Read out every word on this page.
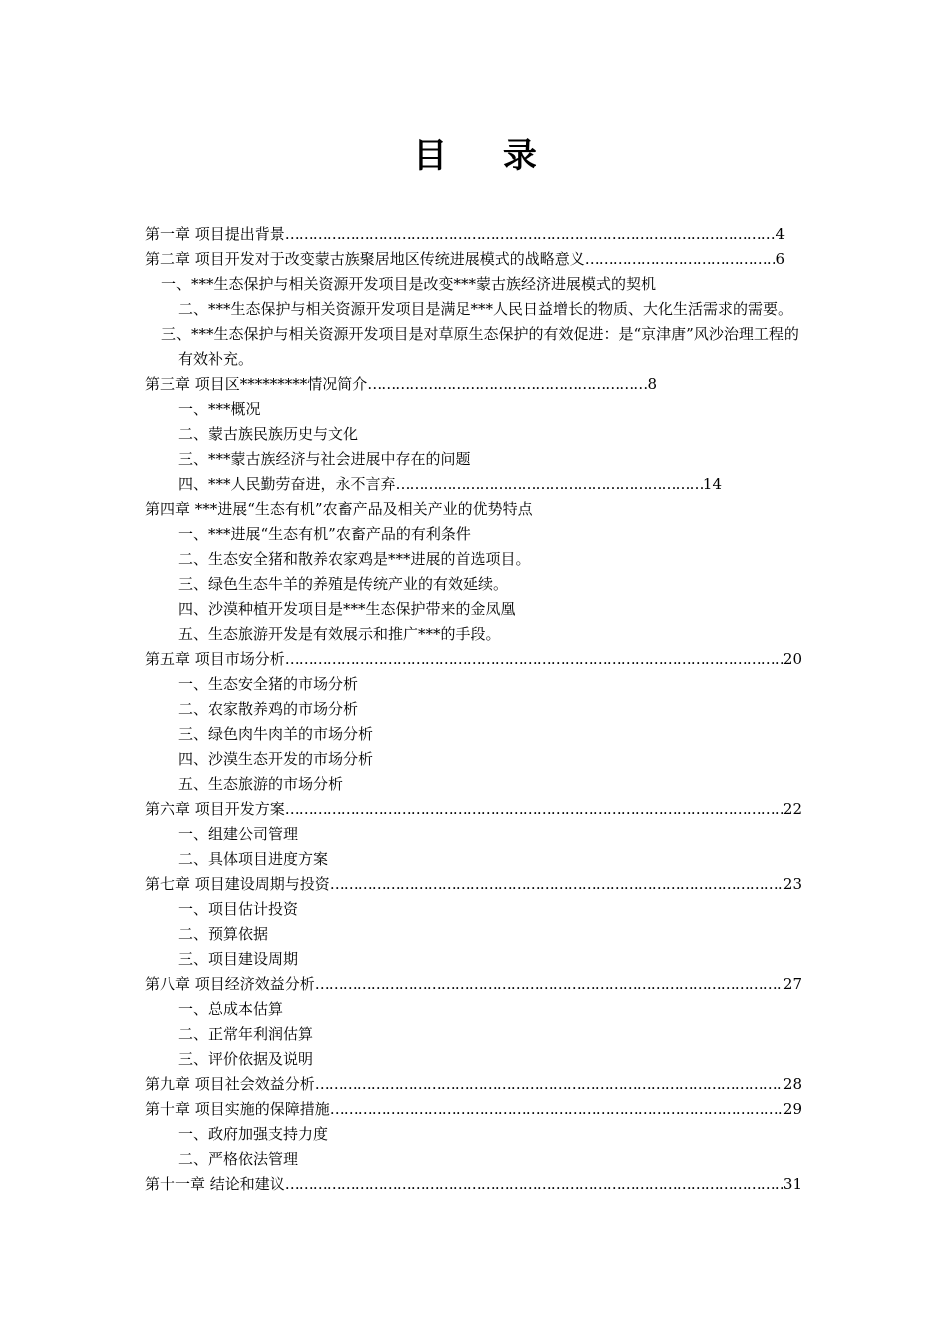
目 录
第一章 项目提出背景 …………………………………………………………………………………………………………………………………………………………………………………………	4
第二章 项目开发对于改变蒙古族聚居地区传统进展模式的战略意义 …………………………………………………………………………………………………………………………………………………………………………………………	6
一、***生态保护与相关资源开发项目是改变***蒙古族经济进展模式的契机
二、***生态保护与相关资源开发项目是满足***人民日益增长的物质、大化生活需求的需要。
三、***生态保护与相关资源开发项目是对草原生态保护的有效促进：是“京津唐”风沙治理工程的有效补充。
第三章 项目区*********情况简介 …………………………………………………………………………………………………………………………………………………………………………………………	8
一、***概况
二、蒙古族民族历史与文化
三、***蒙古族经济与社会进展中存在的问题
四、***人民勤劳奋进，永不言弃 …………………………………………………………………………………………………………………………………………………………………………………………	14
第四章 ***进展“生态有机”农畜产品及相关产业的优势特点
一、***进展“生态有机”农畜产品的有利条件
二、生态安全猪和散养农家鸡是***进展的首选项目。
三、绿色生态牛羊的养殖是传统产业的有效延续。
四、沙漠种植开发项目是***生态保护带来的金凤凰
五、生态旅游开发是有效展示和推广***的手段。
第五章 项目市场分析 …………………………………………………………………………………………………………………………………………………………………………………………	20
一、生态安全猪的市场分析
二、农家散养鸡的市场分析
三、绿色肉牛肉羊的市场分析
四、沙漠生态开发的市场分析
五、生态旅游的市场分析
第六章 项目开发方案 …………………………………………………………………………………………………………………………………………………………………………………………	22
一、组建公司管理
二、具体项目进度方案
第七章 项目建设周期与投资 …………………………………………………………………………………………………………………………………………………………………………………………	23
一、项目估计投资
二、预算依据
三、项目建设周期
第八章 项目经济效益分析 …………………………………………………………………………………………………………………………………………………………………………………………	27
一、总成本估算
二、正常年利润估算
三、评价依据及说明
第九章 项目社会效益分析 …………………………………………………………………………………………………………………………………………………………………………………………	28
第十章 项目实施的保障措施 …………………………………………………………………………………………………………………………………………………………………………………………	29
一、政府加强支持力度
二、严格依法管理
第十一章 结论和建议 …………………………………………………………………………………………………………………………………………………………………………………………	31
